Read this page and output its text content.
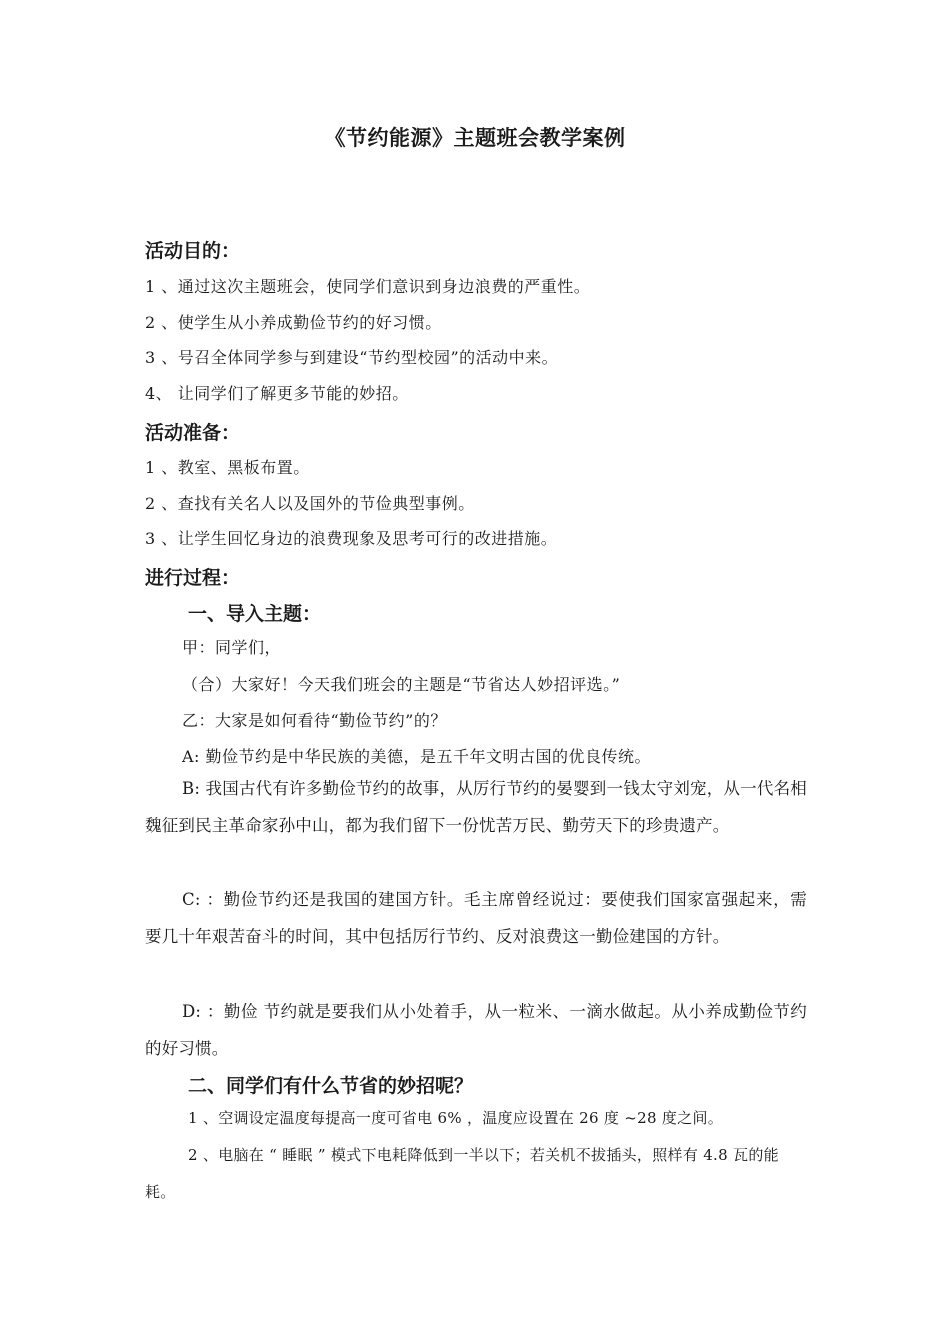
《节约能源》主题班会教学案例
活动目的：
1 、通过这次主题班会，使同学们意识到身边浪费的严重性。
2 、使学生从小养成勤俭节约的好习惯。
3 、号召全体同学参与到建设“节约型校园”的活动中来。
4、 让同学们了解更多节能的妙招。
活动准备：
1 、教室、黑板布置。
2 、查找有关名人以及国外的节俭典型事例。
3 、让学生回忆身边的浪费现象及思考可行的改进措施。
进行过程：
一、导入主题：
甲：同学们，
（合）大家好！今天我们班会的主题是“节省达人妙招评选。”
乙：大家是如何看待“勤俭节约”的？
A: 勤俭节约是中华民族的美德，是五千年文明古国的优良传统。

B: 我国古代有许多勤俭节约的故事，从厉行节约的晏婴到一钱太守刘宠，从一代名相魏征到民主革命家孙中山，都为我们留下一份忧苦万民、勤劳天下的珍贵遗产。

C: ：勤俭节约还是我国的建国方针。毛主席曾经说过：要使我们国家富强起来，需要几十年艰苦奋斗的时间，其中包括厉行节约、反对浪费这一勤俭建国的方针。

D: ：勤俭 节约就是要我们从小处着手，从一粒米、一滴水做起。从小养成勤俭节约的好习惯。

二、同学们有什么节省的妙招呢？

1 、空调设定温度每提高一度可省电 6% ，温度应设置在 26 度 ~28 度之间。

2 、电脑在 “ 睡眠 ” 模式下电耗降低到一半以下；若关机不拔插头，照样有 4.8 瓦的能耗。
